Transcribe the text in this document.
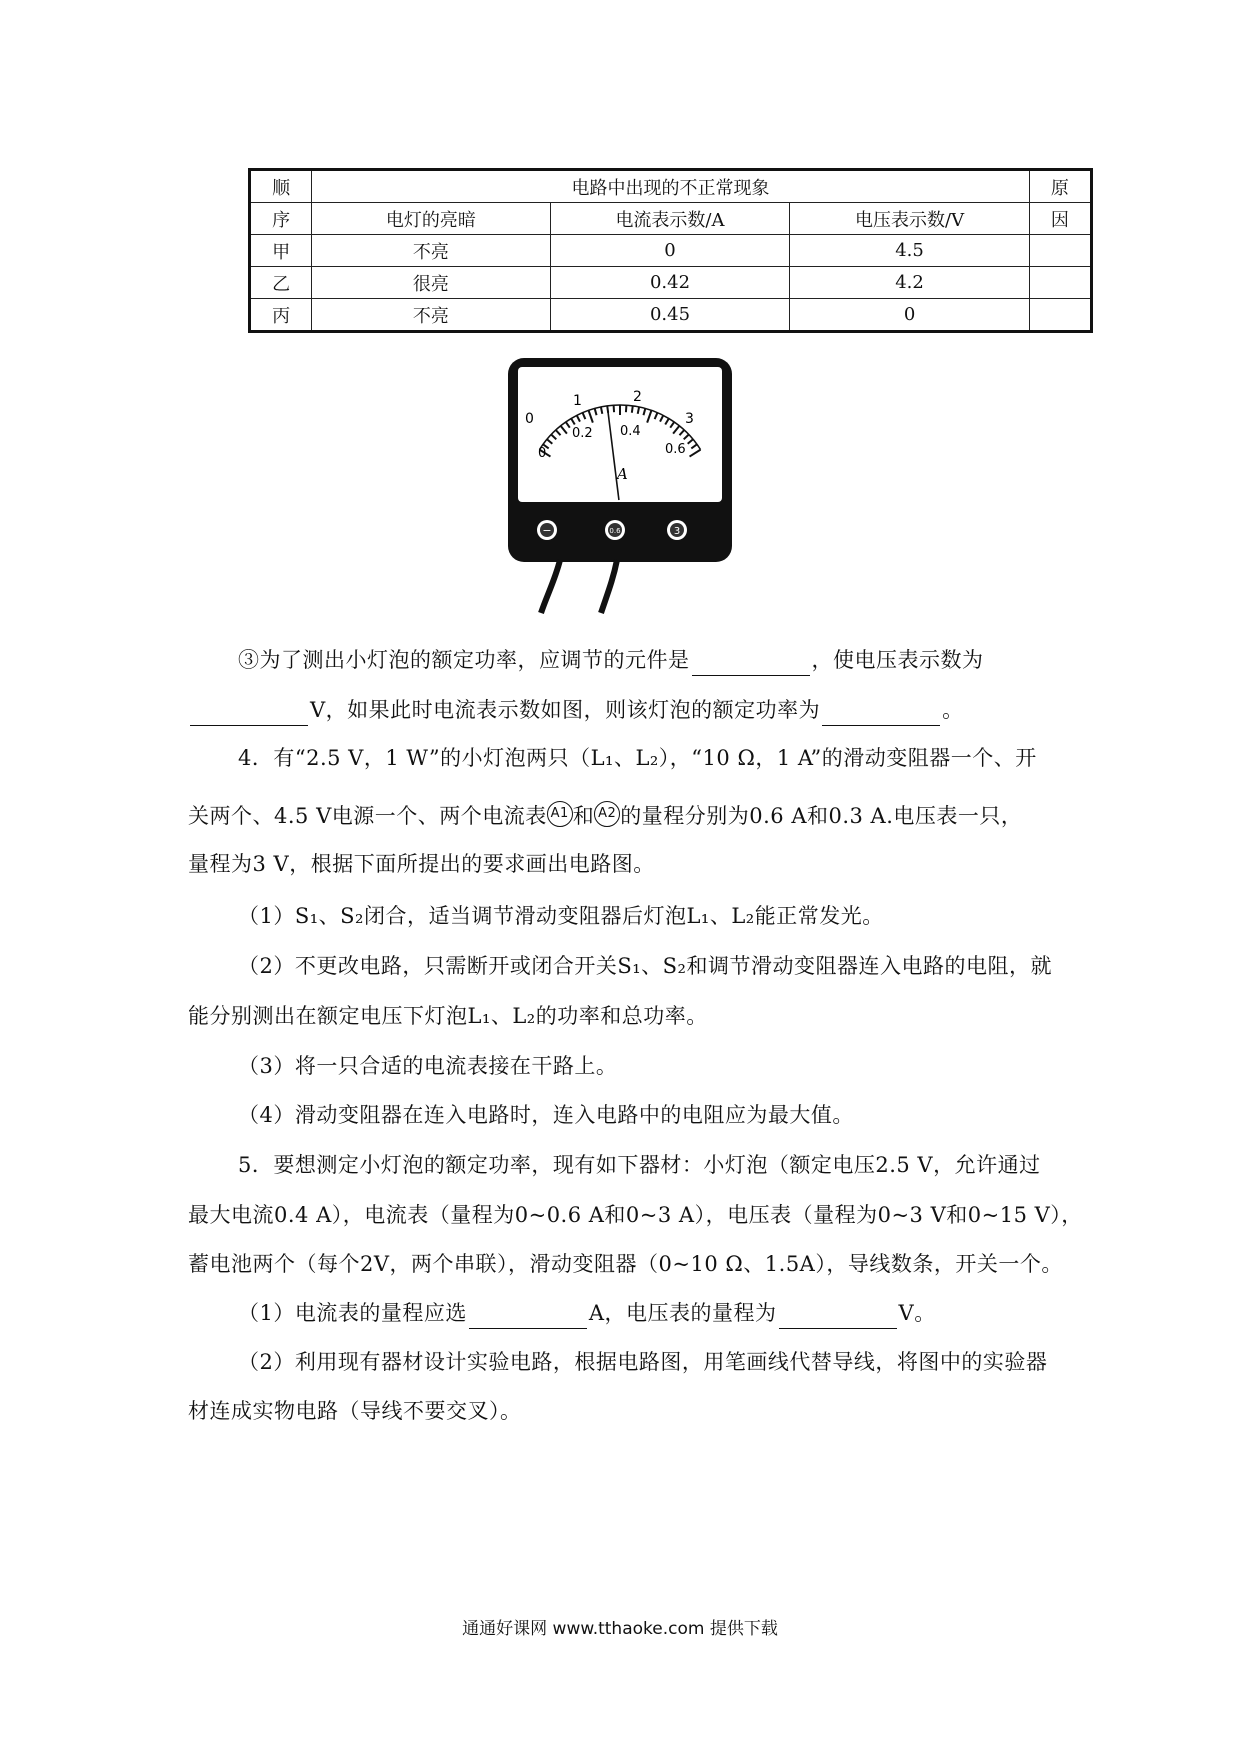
顺	电路中出现的不正常现象			原
序	电灯的亮暗	电流表示数/A	电压表示数/V	因
甲	不亮	0	4.5	
乙	很亮	0.42	4.2	
丙	不亮	0.45	0	
0
1	2
3
0
0.2 0.4
0.6
A
−	0.6	3
③为了测出小灯泡的额定功率，应调节的元件是	，使电压表示数为
V，如果此时电流表示数如图，则该灯泡的额定功率为	。
4．有“2.5 V，1 W”的小灯泡两只（L₁、L₂），“10 Ω，1 A”的滑动变阻器一个、开
关两个、4.5 V电源一个、两个电流表 A1 和 A2 的量程分别为0.6 A和0.3 A.电压表一只，
量程为3 V，根据下面所提出的要求画出电路图。
（1）S₁、S₂闭合，适当调节滑动变阻器后灯泡L₁、L₂能正常发光。
（2）不更改电路，只需断开或闭合开关S₁、S₂和调节滑动变阻器连入电路的电阻，就
能分别测出在额定电压下灯泡L₁、L₂的功率和总功率。
（3）将一只合适的电流表接在干路上。
（4）滑动变阻器在连入电路时，连入电路中的电阻应为最大值。
5．要想测定小灯泡的额定功率，现有如下器材：小灯泡（额定电压2.5 V，允许通过
最大电流0.4 A），电流表（量程为0~0.6 A和0~3 A），电压表（量程为0~3 V和0~15 V），
蓄电池两个（每个2V，两个串联），滑动变阻器（0~10 Ω、1.5A），导线数条，开关一个。
（1）电流表的量程应选	A，电压表的量程为	V。
（2）利用现有器材设计实验电路，根据电路图，用笔画线代替导线，将图中的实验器
材连成实物电路（导线不要交叉）。
通通好课网 www.tthaoke.com 提供下载
